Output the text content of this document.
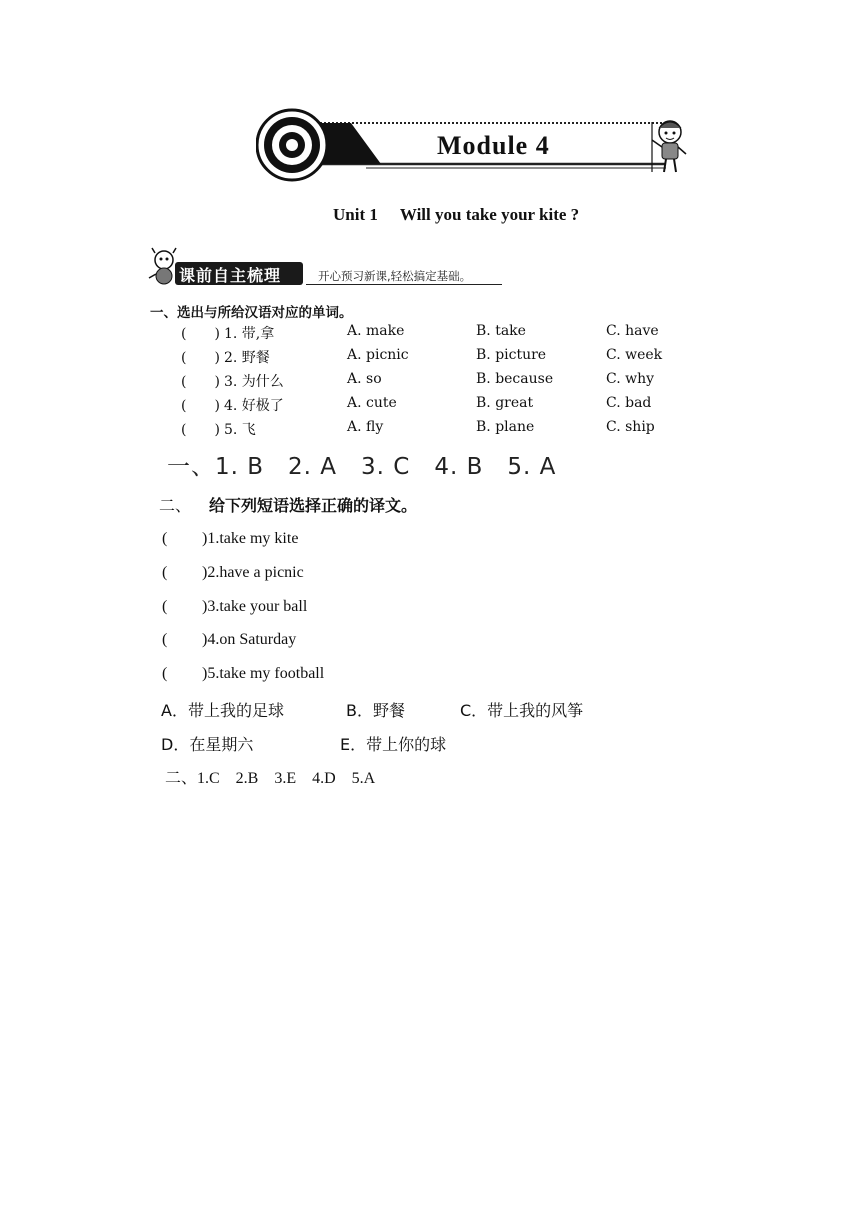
Module 4
Unit 1 Will you take your kite ?
课前自主梳理	开心预习新课,轻松搞定基础。
一、选出与所给汉语对应的单词。
(　　) 1. 带,拿	A. make	B. take	C. have
(　　) 2. 野餐	A. picnic	B. picture	C. week
(　　) 3. 为什么	A. so	B. because	C. why
(　　) 4. 好极了	A. cute	B. great	C. bad
(　　) 5. 飞	A. fly	B. plane	C. ship
一、1. B　2. A　3. C　4. B　5. A
二、 给下列短语选择正确的译文。
( )1.take my kite
( )2.have a picnic
( )3.take your ball
( )4.on Saturday
( )5.take my football
A．带上我的足球	B．野餐	C．带上我的风筝
D．在星期六	E．带上你的球
二、1.C　2.B　3.E　4.D　5.A
